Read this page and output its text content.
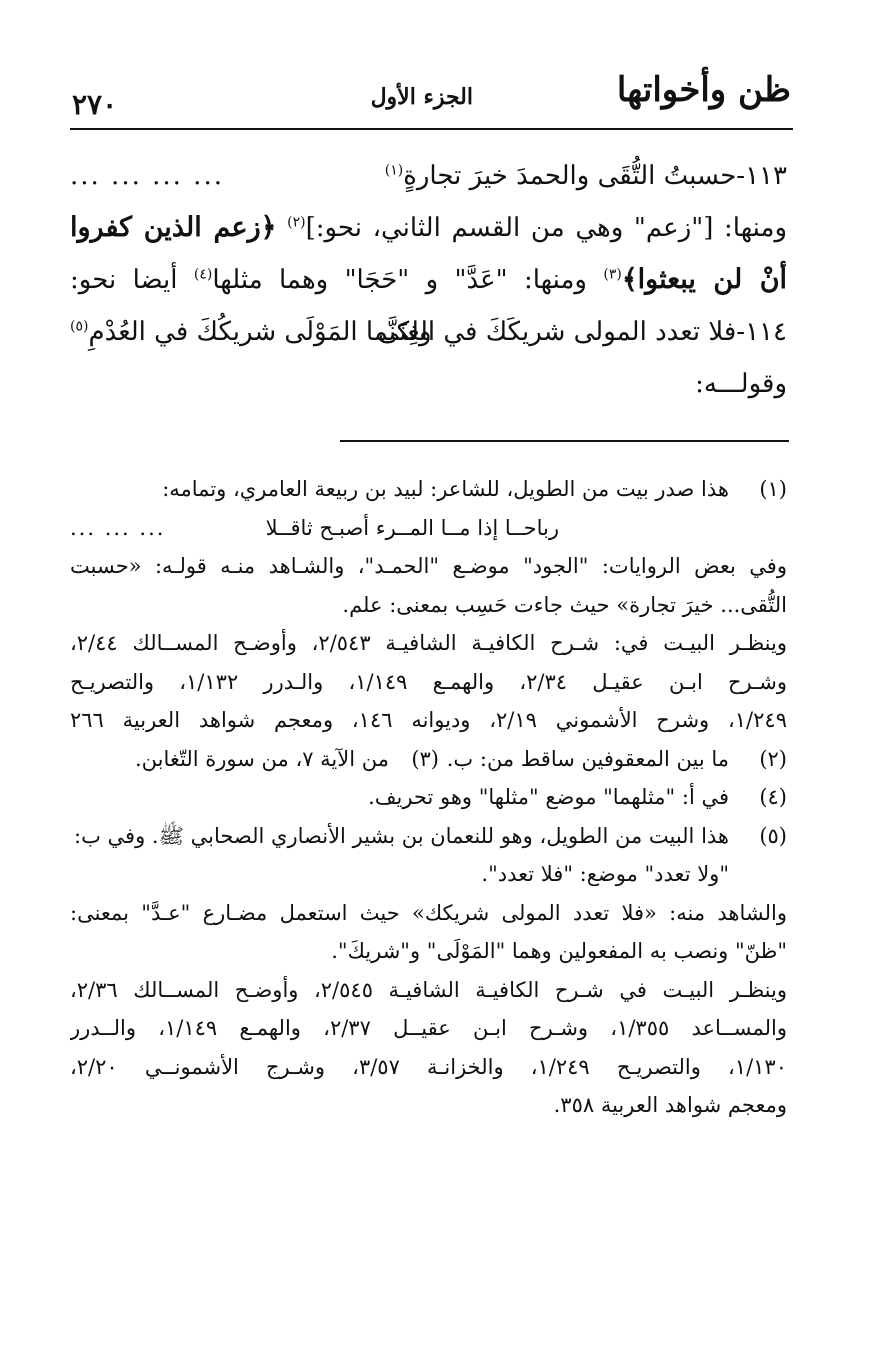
ظن وأخواتها
الجزء الأول
٢٧٠
١١٣-حسبتُ التُّقَى والحمدَ خيرَ تجارةٍ$^{(١)}$
... ... ... ...
ومنها: ["زعم" وهي من القسم الثاني، نحو:]$^{(٢)}$ ﴿زعم الذين كفروا
أنْ لن يبعثوا﴾$^{(٣)}$ ومنها: "عَدَّ" و "حَجَا" وهما مثلها$^{(٤)}$ أيضا نحو:
١١٤-فلا تعدد المولى شريكَكَ في الغِنَى
ولكنَّما المَوْلَى شريكُكَ في العُدْمِ$^{(٥)}$
وقولـــه:
(١)
هذا صدر بيت من الطويل، للشاعر: لبيد بن ربيعة العامري، وتمامه:
رباحــا إذا مــا المــرء أصبـح ثاقــلا
... ... ...
وفي بعض الروايات: "الجود" موضـع "الحمـد"، والشـاهد منـه قولـه: «حسبت
التُّقى... خيرَ تجارة» حيث جاءت حَسِب بمعنى: علم.
وينظـر البيـت في: شـرح الكافيـة الشافيـة ٢/٥٤٣، وأوضـح المســالك ٢/٤٤،
وشـرح ابـن عقيـل ٢/٣٤، والهمـع ١/١٤٩، والـدرر ١/١٣٢، والتصريـح
١/٢٤٩، وشرح الأشموني ٢/١٩، وديوانه ١٤٦، ومعجم شواهد العربية ٢٦٦
(٢)
ما بين المعقوفين ساقط من: ب.
(٣)
من الآية ٧، من سورة التّغابن.
(٤)
في أ: "مثلهما" موضع "مثلها" وهو تحريف.
(٥)
هذا البيت من الطويل، وهو للنعمان بن بشير الأنصاري الصحابي ﷺ. وفي ب:
"ولا تعدد" موضع: "فلا تعدد".
والشاهد منه: «فلا تعدد المولى شريكك» حيث استعمل مضـارع "عـدَّ" بمعنى:
"ظنّ" ونصب به المفعولين وهما "المَوْلَى" و"شريكَ".
وينظـر البيـت في شـرح الكافيـة الشافيـة ٢/٥٤٥، وأوضـح المســالك ٢/٣٦،
والمســاعد ١/٣٥٥، وشـرح ابـن عقيــل ٢/٣٧، والهمـع ١/١٤٩، والــدرر
١/١٣٠، والتصريـح ١/٢٤٩، والخزانـة ٣/٥٧، وشـرج الأشمونــي ٢/٢٠،
ومعجم شواهد العربية ٣٥٨.
